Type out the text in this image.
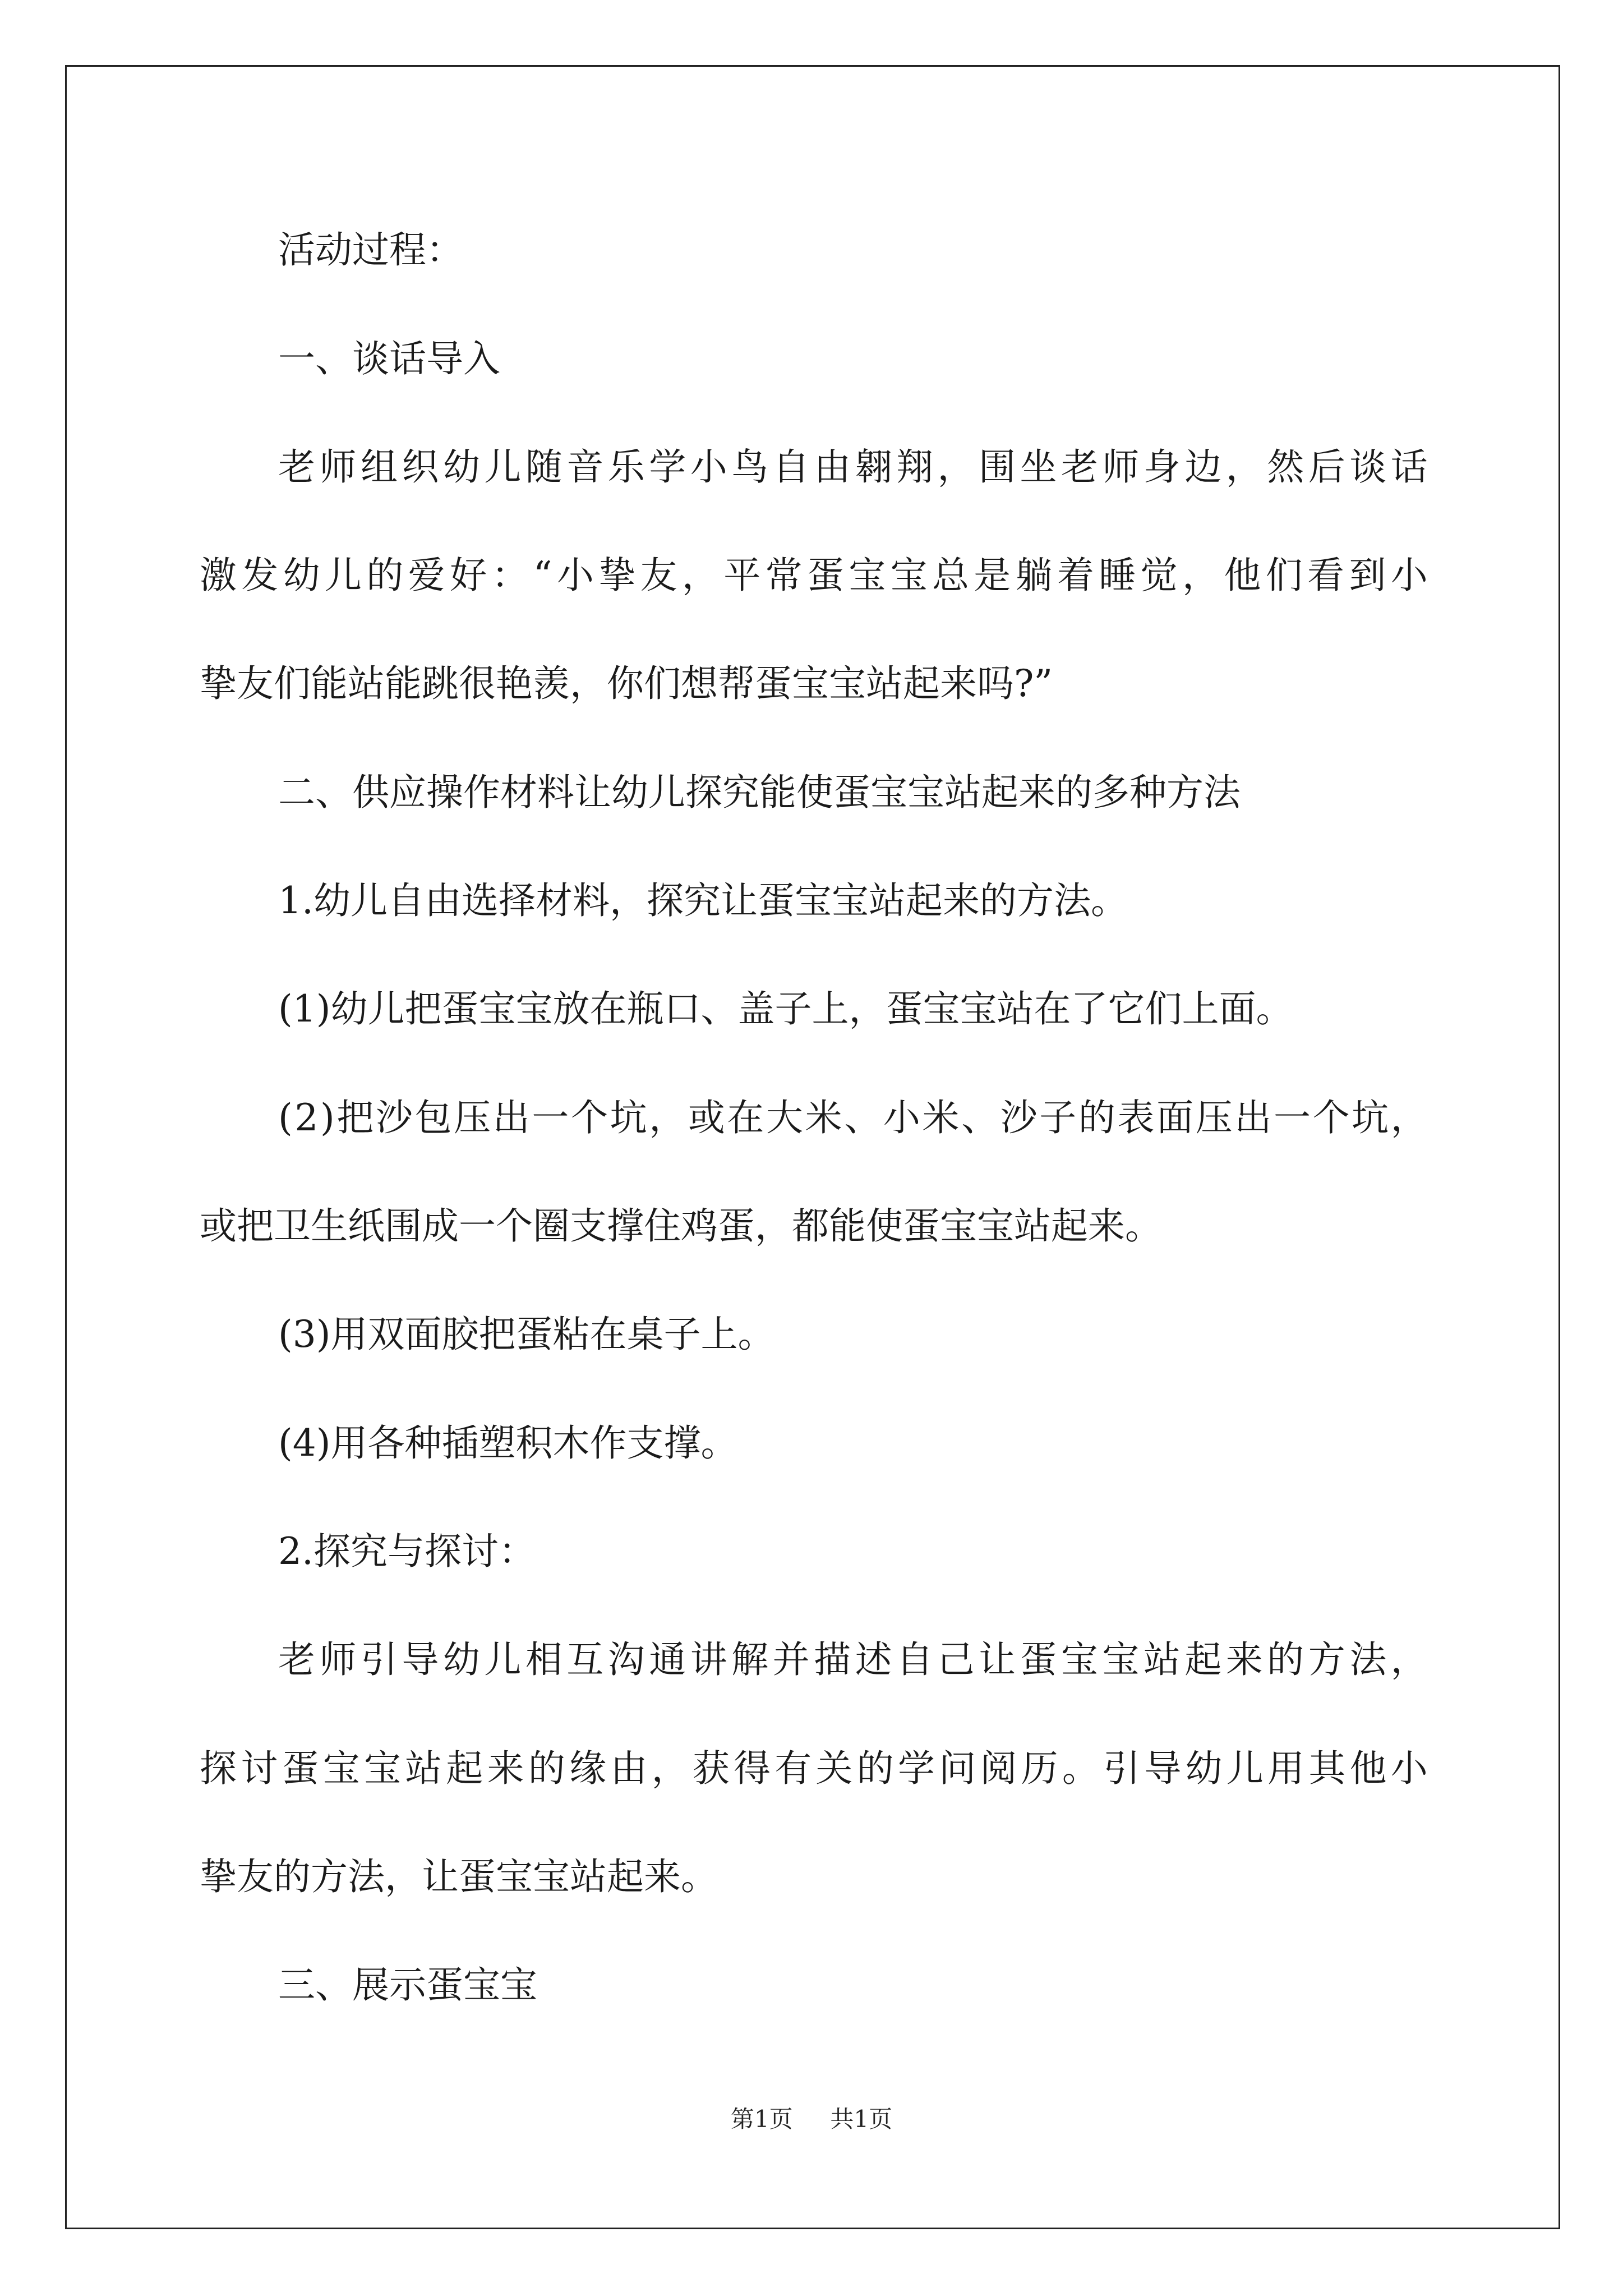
活动过程：
一、谈话导入
老 师 组 织 幼 儿 随 音 乐 学 小 鸟 自 由 翱 翔 ， 围 坐 老 师 身 边 ， 然 后 谈 话
激 发 幼 儿 的 爱 好 ： “ 小 挚 友 ， 平 常 蛋 宝 宝 总 是 躺 着 睡 觉 ， 他 们 看 到 小
挚友们能站能跳很艳羡，你们想帮蛋宝宝站起来吗?”
二、供应操作材料让幼儿探究能使蛋宝宝站起来的多种方法
1.幼儿自由选择材料，探究让蛋宝宝站起来的方法。
(1)幼儿把蛋宝宝放在瓶口、盖子上，蛋宝宝站在了它们上面。
( 2 ) 把 沙 包 压 出 一 个 坑 ， 或 在 大 米 、 小 米 、 沙 子 的 表 面 压 出 一 个 坑 ，
或把卫生纸围成一个圈支撑住鸡蛋，都能使蛋宝宝站起来。
(3)用双面胶把蛋粘在桌子上。
(4)用各种插塑积木作支撑。
2.探究与探讨：
老 师 引 导 幼 儿 相 互 沟 通 讲 解 并 描 述 自 己 让 蛋 宝 宝 站 起 来 的 方 法 ，
探 讨 蛋 宝 宝 站 起 来 的 缘 由 ， 获 得 有 关 的 学 问 阅 历 。 引 导 幼 儿 用 其 他 小
挚友的方法，让蛋宝宝站起来。
三、展示蛋宝宝
第1页 共1页
